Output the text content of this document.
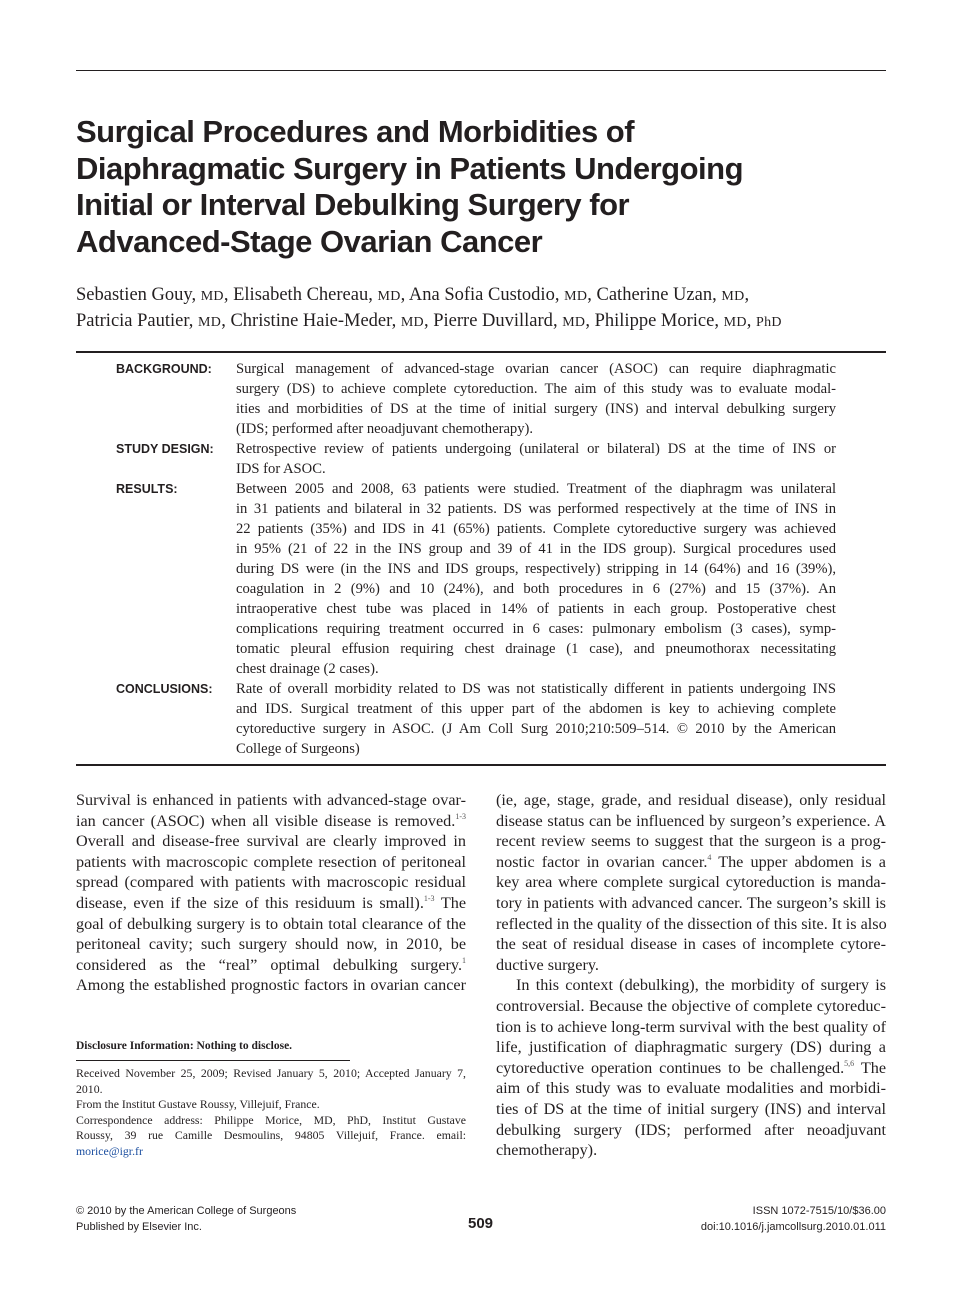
Surgical Procedures and Morbidities of
Diaphragmatic Surgery in Patients Undergoing
Initial or Interval Debulking Surgery for
Advanced-Stage Ovarian Cancer
Sebastien Gouy, MD, Elisabeth Chereau, MD, Ana Sofia Custodio, MD, Catherine Uzan, MD,
Patricia Pautier, MD, Christine Haie-Meder, MD, Pierre Duvillard, MD, Philippe Morice, MD, PhD
BACKGROUND: Surgical management of advanced-stage ovarian cancer (ASOC) can require diaphragmatic
surgery (DS) to achieve complete cytoreduction. The aim of this study was to evaluate modal-
ities and morbidities of DS at the time of initial surgery (INS) and interval debulking surgery
(IDS; performed after neoadjuvant chemotherapy).
STUDY DESIGN: Retrospective review of patients undergoing (unilateral or bilateral) DS at the time of INS or
IDS for ASOC.
RESULTS:	Between 2005 and 2008, 63 patients were studied. Treatment of the diaphragm was unilateral
in 31 patients and bilateral in 32 patients. DS was performed respectively at the time of INS in
22 patients (35%) and IDS in 41 (65%) patients. Complete cytoreductive surgery was achieved
in 95% (21 of 22 in the INS group and 39 of 41 in the IDS group). Surgical procedures used
during DS were (in the INS and IDS groups, respectively) stripping in 14 (64%) and 16 (39%),
coagulation in 2 (9%) and 10 (24%), and both procedures in 6 (27%) and 15 (37%). An
intraoperative chest tube was placed in 14% of patients in each group. Postoperative chest
complications requiring treatment occurred in 6 cases: pulmonary embolism (3 cases), symp-
tomatic pleural effusion requiring chest drainage (1 case), and pneumothorax necessitating
chest drainage (2 cases).
CONCLUSIONS: Rate of overall morbidity related to DS was not statistically different in patients undergoing INS
and IDS. Surgical treatment of this upper part of the abdomen is key to achieving complete
cytoreductive surgery in ASOC. (J Am Coll Surg 2010;210:509–514. © 2010 by the American
College of Surgeons)
Survival is enhanced in patients with advanced-stage ovar-
ian cancer (ASOC) when all visible disease is removed.$^{1-3}$
Overall and disease-free survival are clearly improved in
patients with macroscopic complete resection of peritoneal
spread (compared with patients with macroscopic residual
disease, even if the size of this residuum is small).$^{1-3}$ The
goal of debulking surgery is to obtain total clearance of the
peritoneal cavity; such surgery should now, in 2010, be
considered as the “real” optimal debulking surgery.$^1$
Among the established prognostic factors in ovarian cancer
(ie, age, stage, grade, and residual disease), only residual
disease status can be influenced by surgeon’s experience. A
recent review seems to suggest that the surgeon is a prog-
nostic factor in ovarian cancer.$^4$ The upper abdomen is a
key area where complete surgical cytoreduction is manda-
tory in patients with advanced cancer. The surgeon’s skill is
reflected in the quality of the dissection of this site. It is also
the seat of residual disease in cases of incomplete cytore-
ductive surgery.
In this context (debulking), the morbidity of surgery is
controversial. Because the objective of complete cytoreduc-
tion is to achieve long-term survival with the best quality of
life, justification of diaphragmatic surgery (DS) during a
cytoreductive operation continues to be challenged.$^{5,6}$ The
aim of this study was to evaluate modalities and morbidi-
ties of DS at the time of initial surgery (INS) and interval
debulking surgery (IDS; performed after neoadjuvant
chemotherapy).
Disclosure Information: Nothing to disclose.
Received November 25, 2009; Revised January 5, 2010; Accepted January 7,
2010.
From the Institut Gustave Roussy, Villejuif, France.
Correspondence address: Philippe Morice, MD, PhD, Institut Gustave
Roussy, 39 rue Camille Desmoulins, 94805 Villejuif, France. email:
morice@igr.fr
© 2010 by the American College of Surgeons
Published by Elsevier Inc.	509
ISSN 1072-7515/10/$36.00
doi:10.1016/j.jamcollsurg.2010.01.011
